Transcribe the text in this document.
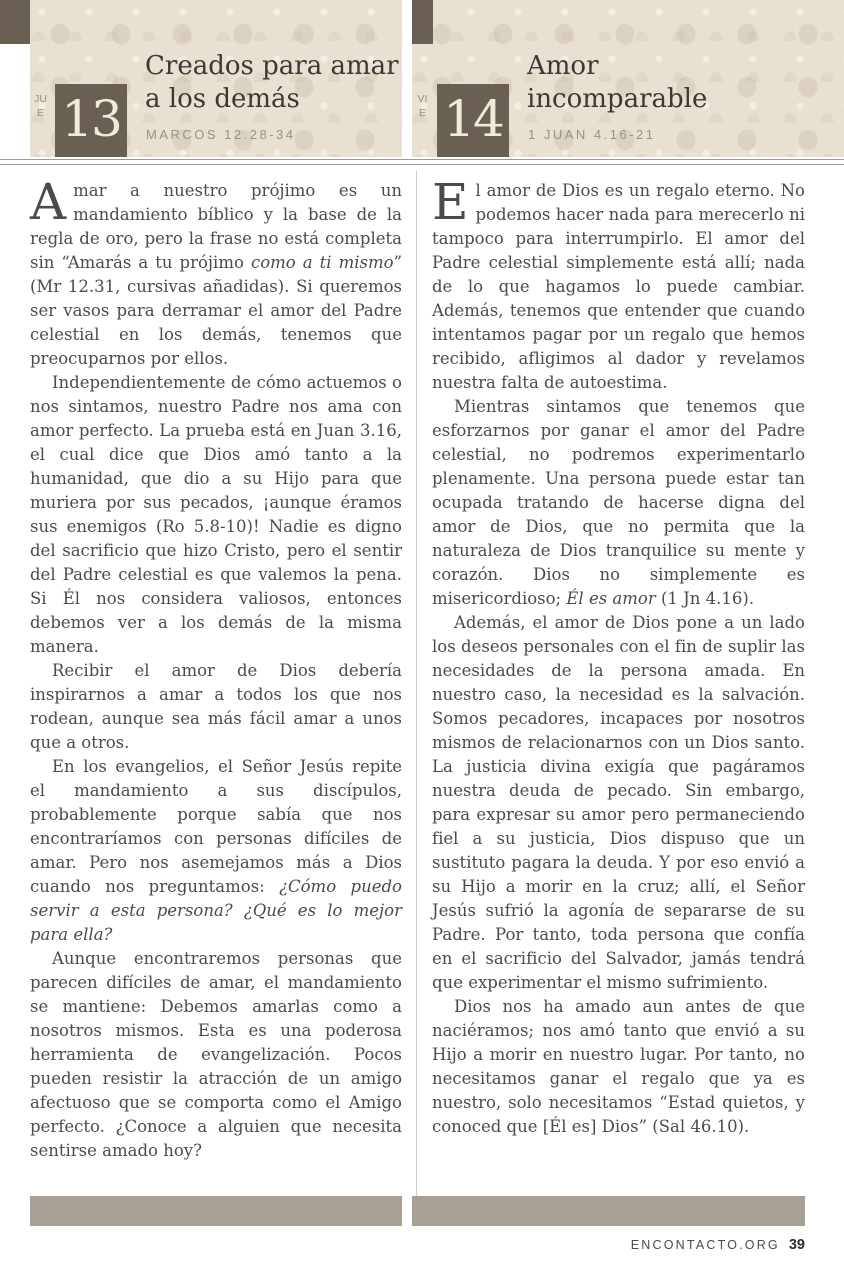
JUE 13
Creados para amar a los demás
MARCOS 12.28-34
VIE 14
Amor incomparable
1 JUAN 4.16-21

Amar a nuestro prójimo es un mandamiento bíblico y la base de la regla de oro, pero la frase no está completa sin “Amarás a tu prójimo como a ti mismo” (Mr 12.31, cursivas añadidas). Si queremos ser vasos para derramar el amor del Padre celestial en los demás, tenemos que preocuparnos por ellos.

Independientemente de cómo actuemos o nos sintamos, nuestro Padre nos ama con amor perfecto. La prueba está en Juan 3.16, el cual dice que Dios amó tanto a la humanidad, que dio a su Hijo para que muriera por sus pecados, ¡aunque éramos sus enemigos (Ro 5.8-10)! Nadie es digno del sacrificio que hizo Cristo, pero el sentir del Padre celestial es que valemos la pena. Si Él nos considera valiosos, entonces debemos ver a los demás de la misma manera.

Recibir el amor de Dios debería inspirarnos a amar a todos los que nos rodean, aunque sea más fácil amar a unos que a otros.

En los evangelios, el Señor Jesús repite el mandamiento a sus discípulos, probablemente porque sabía que nos encontraríamos con personas difíciles de amar. Pero nos asemejamos más a Dios cuando nos preguntamos: ¿Cómo puedo servir a esta persona? ¿Qué es lo mejor para ella?

Aunque encontraremos personas que parecen difíciles de amar, el mandamiento se mantiene: Debemos amarlas como a nosotros mismos. Esta es una poderosa herramienta de evangelización. Pocos pueden resistir la atracción de un amigo afectuoso que se comporta como el Amigo perfecto. ¿Conoce a alguien que necesita sentirse amado hoy?

El amor de Dios es un regalo eterno. No podemos hacer nada para merecerlo ni tampoco para interrumpirlo. El amor del Padre celestial simplemente está allí; nada de lo que hagamos lo puede cambiar. Además, tenemos que entender que cuando intentamos pagar por un regalo que hemos recibido, afligimos al dador y revelamos nuestra falta de autoestima.

Mientras sintamos que tenemos que esforzarnos por ganar el amor del Padre celestial, no podremos experimentarlo plenamente. Una persona puede estar tan ocupada tratando de hacerse digna del amor de Dios, que no permita que la naturaleza de Dios tranquilice su mente y corazón. Dios no simplemente es misericordioso; Él es amor (1 Jn 4.16).

Además, el amor de Dios pone a un lado los deseos personales con el fin de suplir las necesidades de la persona amada. En nuestro caso, la necesidad es la salvación. Somos pecadores, incapaces por nosotros mismos de relacionarnos con un Dios santo. La justicia divina exigía que pagáramos nuestra deuda de pecado. Sin embargo, para expresar su amor pero permaneciendo fiel a su justicia, Dios dispuso que un sustituto pagara la deuda. Y por eso envió a su Hijo a morir en la cruz; allí, el Señor Jesús sufrió la agonía de separarse de su Padre. Por tanto, toda persona que confía en el sacrificio del Salvador, jamás tendrá que experimentar el mismo sufrimiento.

Dios nos ha amado aun antes de que naciéramos; nos amó tanto que envió a su Hijo a morir en nuestro lugar. Por tanto, no necesitamos ganar el regalo que ya es nuestro, solo necesitamos “Estad quietos, y conoced que [Él es] Dios” (Sal 46.10).

ENCONTACTO.ORG 39
